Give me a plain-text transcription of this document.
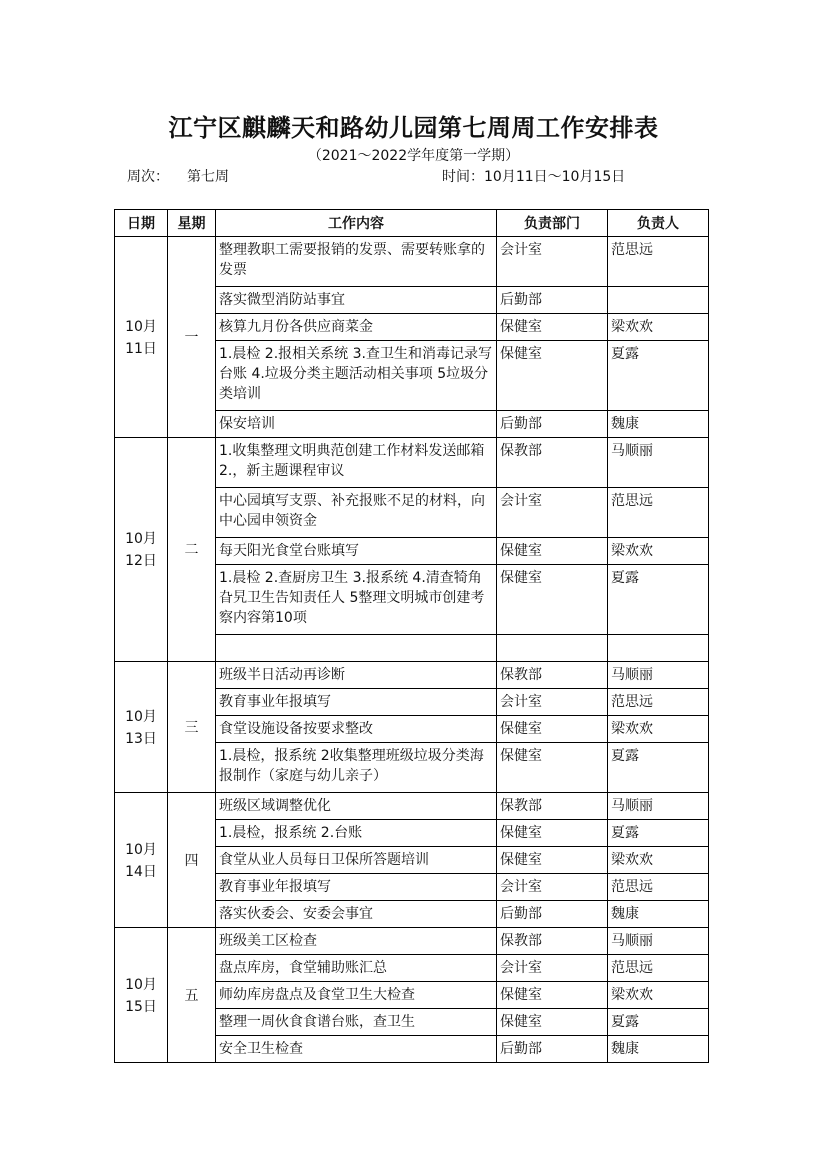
江宁区麒麟天和路幼儿园第七周周工作安排表
（2021～2022学年度第一学期）
周次： 第七周	时间：10月11日～10月15日
日期	星期	工作内容	负责部门	负责人

10月
11日	一	整理教职工需要报销的发票、需要转账拿的发票	会计室	范思远
		落实微型消防站事宜	后勤部	
		核算九月份各供应商菜金	保健室	梁欢欢
		1.晨检 2.报相关系统 3.查卫生和消毒记录写台账 4.垃圾分类主题活动相关事项 5垃圾分类培训	保健室	夏露
		保安培训	后勤部	魏康

10月
12日	二	1.收集整理文明典范创建工作材料发送邮箱 2.，新主题课程审议	保教部	马顺丽
		中心园填写支票、补充报账不足的材料，向中心园申领资金	会计室	范思远
		每天阳光食堂台账填写	保健室	梁欢欢
		1.晨检 2.查厨房卫生 3.报系统 4.清查犄角旮旯卫生告知责任人 5整理文明城市创建考察内容第10项	保健室	夏露

10月
13日	三	班级半日活动再诊断	保教部	马顺丽
		教育事业年报填写	会计室	范思远
		食堂设施设备按要求整改	保健室	梁欢欢
		1.晨检，报系统 2收集整理班级垃圾分类海报制作（家庭与幼儿亲子）	保健室	夏露

10月
14日	四	班级区域调整优化	保教部	马顺丽
		1.晨检，报系统 2.台账	保健室	夏露
		食堂从业人员每日卫保所答题培训	保健室	梁欢欢
		教育事业年报填写	会计室	范思远
		落实伙委会、安委会事宜	后勤部	魏康

10月
15日	五	班级美工区检查	保教部	马顺丽
		盘点库房，食堂辅助账汇总	会计室	范思远
		师幼库房盘点及食堂卫生大检查	保健室	梁欢欢
		整理一周伙食食谱台账，查卫生	保健室	夏露
		安全卫生检查	后勤部	魏康
